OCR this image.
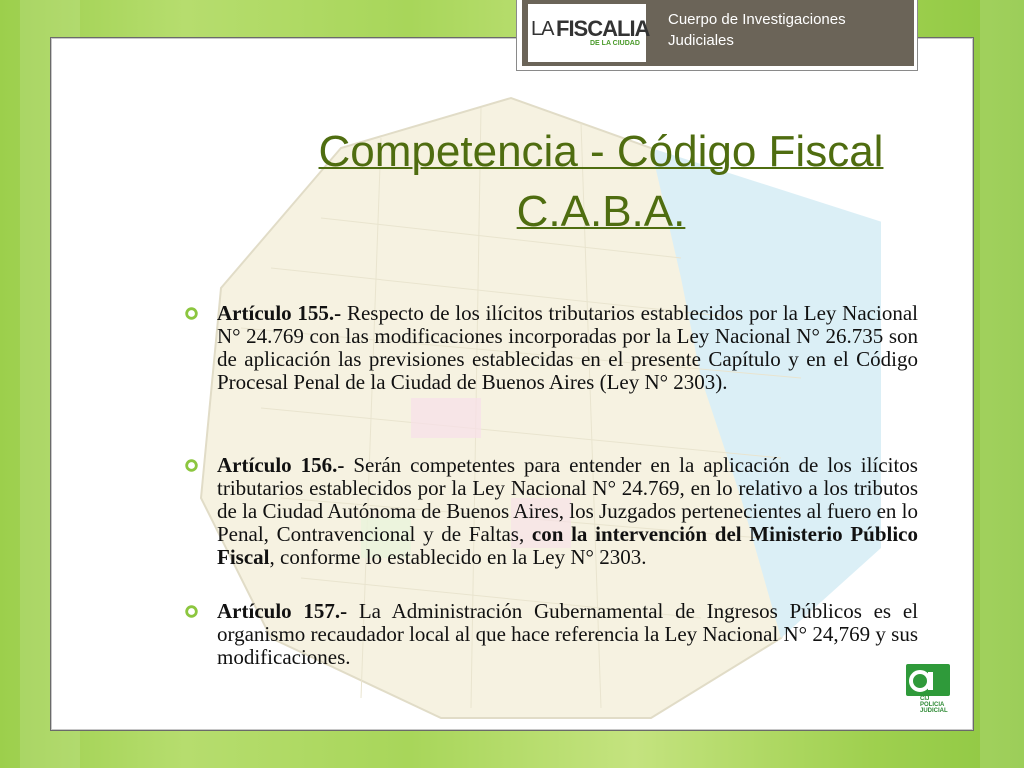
Competencia - Código Fiscal
C.A.B.A.
Artículo 155.- Respecto de los ilícitos tributarios establecidos por la Ley Nacional N° 24.769 con las modificaciones incorporadas por la Ley Nacional N° 26.735 son de aplicación las previsiones establecidas en el presente Capítulo y en el Código Procesal Penal de la Ciudad de Buenos Aires (Ley N° 2303).
Artículo 156.- Serán competentes para entender en la aplicación de los ilícitos tributarios establecidos por la Ley Nacional N° 24.769, en lo relativo a los tributos de la Ciudad Autónoma de Buenos Aires, los Juzgados pertenecientes al fuero en lo Penal, Contravencional y de Faltas, con la intervención del Ministerio Público Fiscal, conforme lo establecido en la Ley N° 2303.
Artículo 157.- La Administración Gubernamental de Ingresos Públicos es el organismo recaudador local al que hace referencia la Ley Nacional N° 24,769 y sus modificaciones.
LA FISCALIA
DE LA CIUDAD
Cuerpo de Investigaciones
Judiciales
CIJ
POLICIA
JUDICIAL
